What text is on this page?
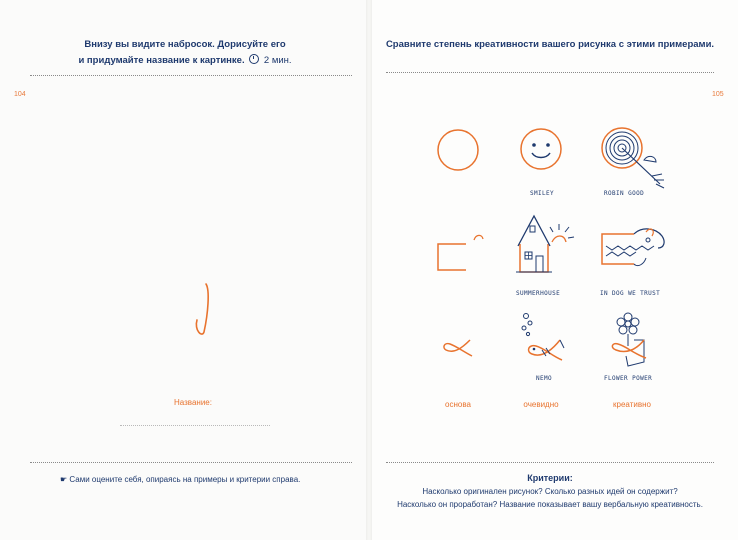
Внизу вы видите набросок. Дорисуйте его
и придумайте название к картинке. 2 мин.
104
Название:
☛ Сами оцените себя, опираясь на примеры и критерии справа.
Сравните степень креативности вашего рисунка с этими примерами.
105
SMILEY
SUMMERHOUSE
NEMO
ROBIN GOOD
IN DOG WE TRUST
FLOWER POWER
основа	очевидно	креативно
Критерии:
Насколько оригинален рисунок? Сколько разных идей он содержит?
Насколько он проработан? Название показывает вашу вербальную креативность.
